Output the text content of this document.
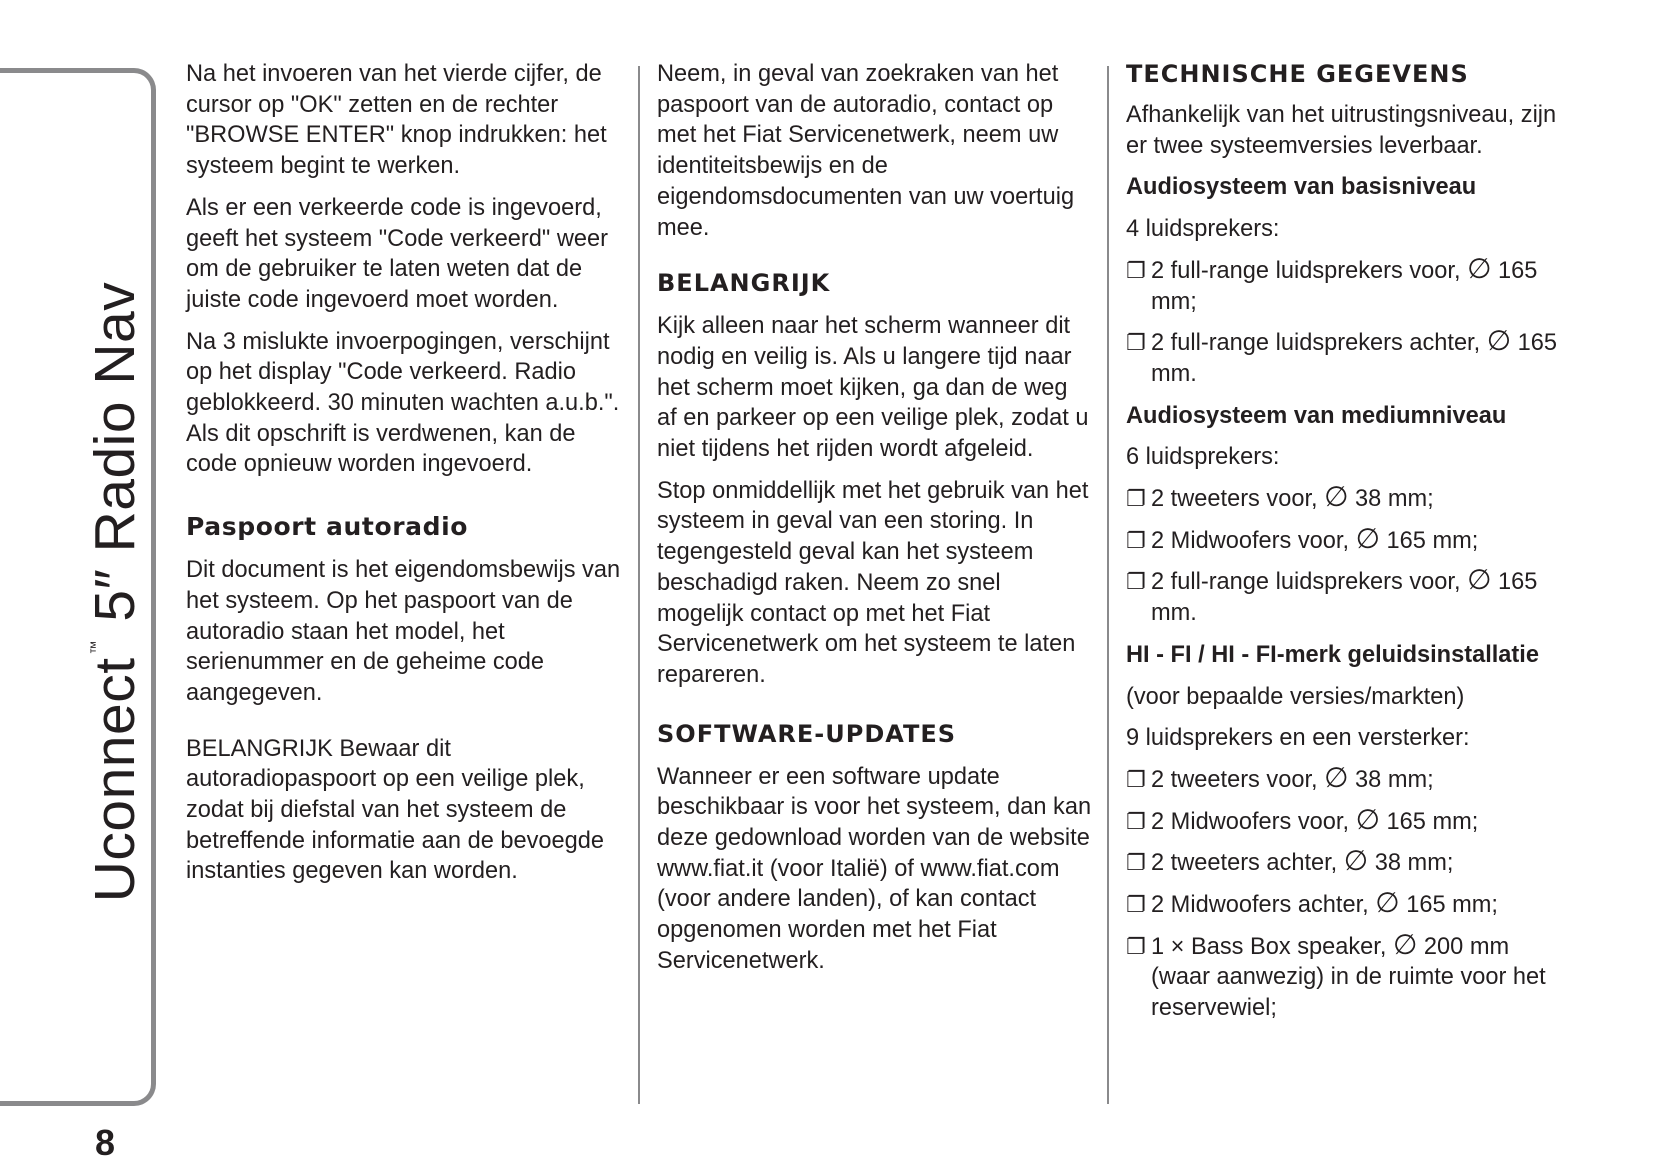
Uconnect™ 5″ Radio Nav
8

Na het invoeren van het vierde cijfer, de cursor op "OK" zetten en de rechter "BROWSE ENTER" knop indrukken: het systeem begint te werken.

Als er een verkeerde code is ingevoerd, geeft het systeem "Code verkeerd" weer om de gebruiker te laten weten dat de juiste code ingevoerd moet worden.

Na 3 mislukte invoerpogingen, verschijnt op het display "Code verkeerd. Radio geblokkeerd. 30 minuten wachten a.u.b.". Als dit opschrift is verdwenen, kan de code opnieuw worden ingevoerd.

Paspoort autoradio

Dit document is het eigendomsbewijs van het systeem. Op het paspoort van de autoradio staan het model, het serienummer en de geheime code aangegeven.

BELANGRIJK Bewaar dit autoradiopaspoort op een veilige plek, zodat bij diefstal van het systeem de betreffende informatie aan de bevoegde instanties gegeven kan worden.

Neem, in geval van zoekraken van het paspoort van de autoradio, contact op met het Fiat Servicenetwerk, neem uw identiteitsbewijs en de eigendomsdocumenten van uw voertuig mee.

BELANGRIJK

Kijk alleen naar het scherm wanneer dit nodig en veilig is. Als u langere tijd naar het scherm moet kijken, ga dan de weg af en parkeer op een veilige plek, zodat u niet tijdens het rijden wordt afgeleid.

Stop onmiddellijk met het gebruik van het systeem in geval van een storing. In tegengesteld geval kan het systeem beschadigd raken. Neem zo snel mogelijk contact op met het Fiat Servicenetwerk om het systeem te laten repareren.

SOFTWARE-UPDATES

Wanneer er een software update beschikbaar is voor het systeem, dan kan deze gedownload worden van de website www.fiat.it (voor Italië) of www.fiat.com (voor andere landen), of kan contact opgenomen worden met het Fiat Servicenetwerk.

TECHNISCHE GEGEVENS

Afhankelijk van het uitrustingsniveau, zijn er twee systeemversies leverbaar.

Audiosysteem van basisniveau

4 luidsprekers:

❐ 2 full-range luidsprekers voor, ∅ 165 mm;
❐ 2 full-range luidsprekers achter, ∅ 165 mm.
Audiosysteem van mediumniveau

6 luidsprekers:

❐ 2 tweeters voor, ∅ 38 mm;
❐ 2 Midwoofers voor, ∅ 165 mm;
❐ 2 full-range luidsprekers voor, ∅ 165 mm.
HI - FI / HI - FI-merk geluidsinstallatie

(voor bepaalde versies/markten)

9 luidsprekers en een versterker:

❐ 2 tweeters voor, ∅ 38 mm;
❐ 2 Midwoofers voor, ∅ 165 mm;
❐ 2 tweeters achter, ∅ 38 mm;
❐ 2 Midwoofers achter, ∅ 165 mm;
❐ 1 × Bass Box speaker, ∅ 200 mm (waar aanwezig) in de ruimte voor het reservewiel;
